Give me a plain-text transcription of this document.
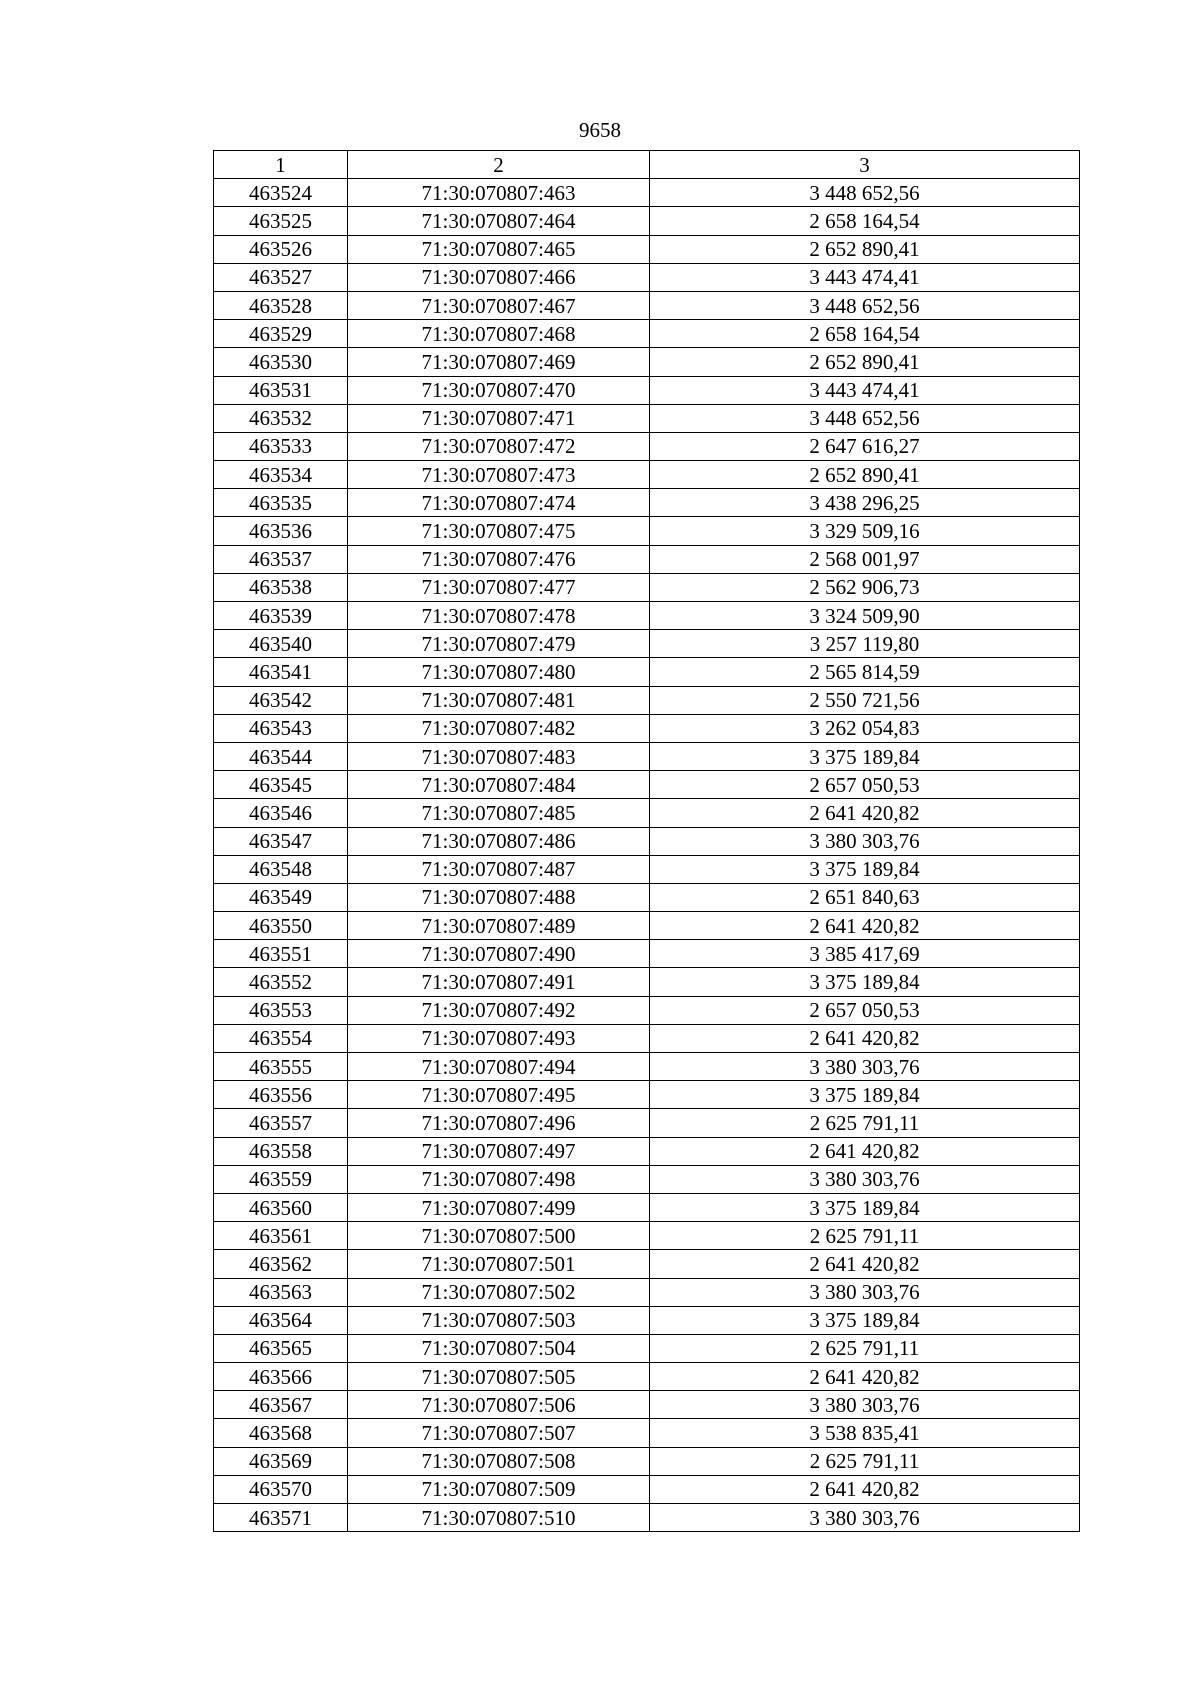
9658
1	2	3
463524	71:30:070807:463	3 448 652,56
463525	71:30:070807:464	2 658 164,54
463526	71:30:070807:465	2 652 890,41
463527	71:30:070807:466	3 443 474,41
463528	71:30:070807:467	3 448 652,56
463529	71:30:070807:468	2 658 164,54
463530	71:30:070807:469	2 652 890,41
463531	71:30:070807:470	3 443 474,41
463532	71:30:070807:471	3 448 652,56
463533	71:30:070807:472	2 647 616,27
463534	71:30:070807:473	2 652 890,41
463535	71:30:070807:474	3 438 296,25
463536	71:30:070807:475	3 329 509,16
463537	71:30:070807:476	2 568 001,97
463538	71:30:070807:477	2 562 906,73
463539	71:30:070807:478	3 324 509,90
463540	71:30:070807:479	3 257 119,80
463541	71:30:070807:480	2 565 814,59
463542	71:30:070807:481	2 550 721,56
463543	71:30:070807:482	3 262 054,83
463544	71:30:070807:483	3 375 189,84
463545	71:30:070807:484	2 657 050,53
463546	71:30:070807:485	2 641 420,82
463547	71:30:070807:486	3 380 303,76
463548	71:30:070807:487	3 375 189,84
463549	71:30:070807:488	2 651 840,63
463550	71:30:070807:489	2 641 420,82
463551	71:30:070807:490	3 385 417,69
463552	71:30:070807:491	3 375 189,84
463553	71:30:070807:492	2 657 050,53
463554	71:30:070807:493	2 641 420,82
463555	71:30:070807:494	3 380 303,76
463556	71:30:070807:495	3 375 189,84
463557	71:30:070807:496	2 625 791,11
463558	71:30:070807:497	2 641 420,82
463559	71:30:070807:498	3 380 303,76
463560	71:30:070807:499	3 375 189,84
463561	71:30:070807:500	2 625 791,11
463562	71:30:070807:501	2 641 420,82
463563	71:30:070807:502	3 380 303,76
463564	71:30:070807:503	3 375 189,84
463565	71:30:070807:504	2 625 791,11
463566	71:30:070807:505	2 641 420,82
463567	71:30:070807:506	3 380 303,76
463568	71:30:070807:507	3 538 835,41
463569	71:30:070807:508	2 625 791,11
463570	71:30:070807:509	2 641 420,82
463571	71:30:070807:510	3 380 303,76
